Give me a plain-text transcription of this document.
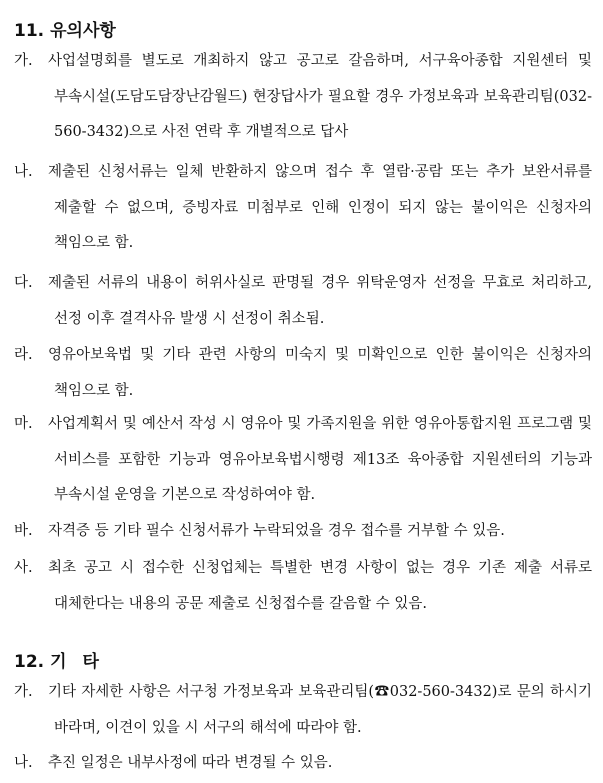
11. 유의사항
가. 사업설명회를 별도로 개최하지 않고 공고로 갈음하며, 서구육아종합 지원센터 및 부속시설(도담도담장난감월드) 현장답사가 필요할 경우 가정보육과 보육관리팀(032-560-3432)으로 사전 연락 후 개별적으로 답사
나. 제출된 신청서류는 일체 반환하지 않으며 접수 후 열람·공람 또는 추가 보완서류를 제출할 수 없으며, 증빙자료 미첨부로 인해 인정이 되지 않는 불이익은 신청자의 책임으로 함.
다. 제출된 서류의 내용이 허위사실로 판명될 경우 위탁운영자 선정을 무효로 처리하고, 선정 이후 결격사유 발생 시 선정이 취소됨.
라. 영유아보육법 및 기타 관련 사항의 미숙지 및 미확인으로 인한 불이익은 신청자의 책임으로 함.
마. 사업계획서 및 예산서 작성 시 영유아 및 가족지원을 위한 영유아통합지원 프로그램 및 서비스를 포함한 기능과 영유아보육법시행령 제13조 육아종합 지원센터의 기능과 부속시설 운영을 기본으로 작성하여야 함.
바. 자격증 등 기타 필수 신청서류가 누락되었을 경우 접수를 거부할 수 있음.
사. 최초 공고 시 접수한 신청업체는 특별한 변경 사항이 없는 경우 기존 제출 서류로 대체한다는 내용의 공문 제출로 신청접수를 갈음할 수 있음.
12. 기타
가. 기타 자세한 사항은 서구청 가정보육과 보육관리팀(☎032-560-3432)로 문의 하시기 바라며, 이견이 있을 시 서구의 해석에 따라야 함.
나. 추진 일정은 내부사정에 따라 변경될 수 있음.
